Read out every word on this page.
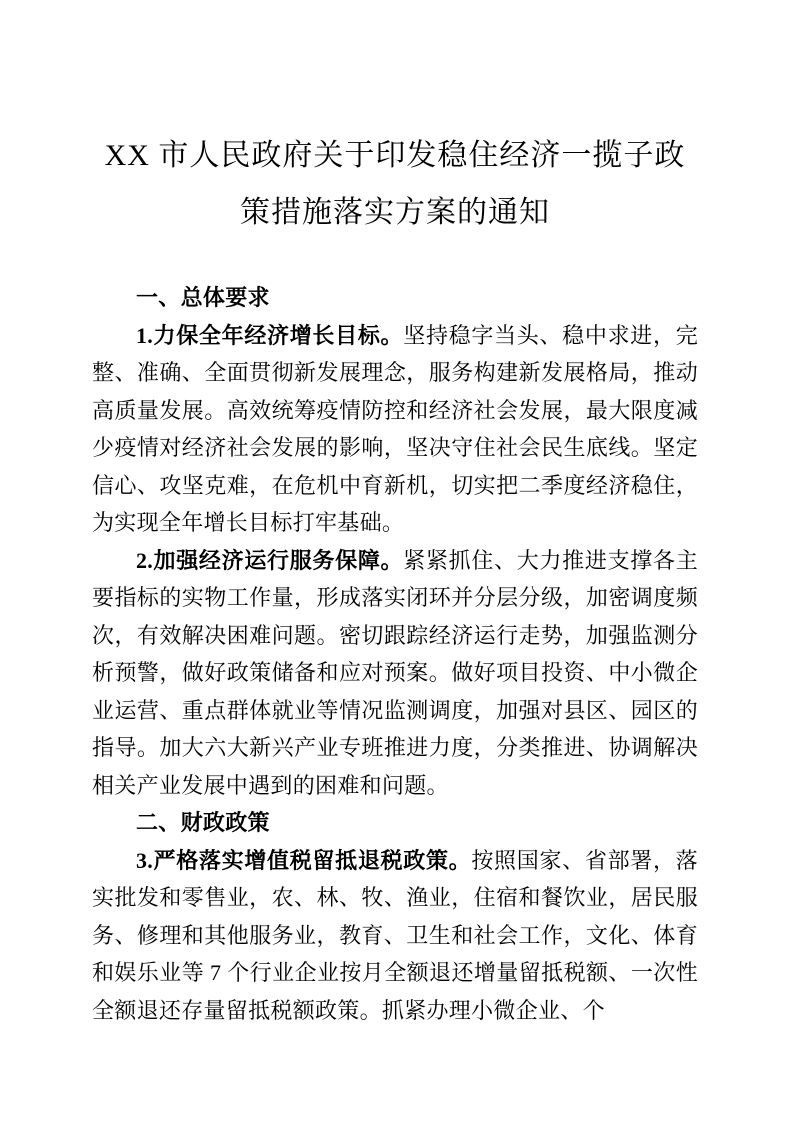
XX 市人民政府关于印发稳住经济一揽子政
策措施落实方案的通知
一、总体要求

1.力保全年经济增长目标。坚持稳字当头、稳中求进，完整、准确、全面贯彻新发展理念，服务构建新发展格局，推动高质量发展。高效统筹疫情防控和经济社会发展，最大限度减少疫情对经济社会发展的影响，坚决守住社会民生底线。坚定信心、攻坚克难，在危机中育新机，切实把二季度经济稳住，为实现全年增长目标打牢基础。

2.加强经济运行服务保障。紧紧抓住、大力推进支撑各主要指标的实物工作量，形成落实闭环并分层分级，加密调度频次，有效解决困难问题。密切跟踪经济运行走势，加强监测分析预警，做好政策储备和应对预案。做好项目投资、中小微企业运营、重点群体就业等情况监测调度，加强对县区、园区的指导。加大六大新兴产业专班推进力度，分类推进、协调解决相关产业发展中遇到的困难和问题。

二、财政政策

3.严格落实增值税留抵退税政策。按照国家、省部署，落实批发和零售业，农、林、牧、渔业，住宿和餐饮业，居民服务、修理和其他服务业，教育、卫生和社会工作，文化、体育和娱乐业等 7 个行业企业按月全额退还增量留抵税额、一次性全额退还存量留抵税额政策。抓紧办理小微企业、个
